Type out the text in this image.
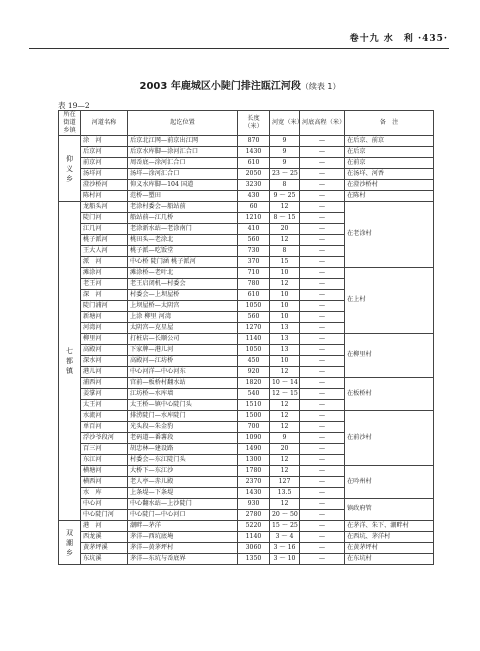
卷十九 水　利 ·435·
2003 年鹿城区小陡门排注瓯江河段（续表 1）
表 19—2
所在街道乡镇	河道名称	起讫位置	长度（米）	河宽（米）	河底高程（米）	备　注

仰义乡	涂　河	后京北江网—前京出江网	870	9	—	在后京、前京
	后京河	后京水库脚—涂河汇合口	1430	9	—	在后京
	前京河	周岙底—涂河汇合口	610	9	—	在前京
	汤垟河	汤垟—涂河汇合口	2050	23 ～ 25	—	在汤垟、河香
	澄沙桥河	仰义水库脚—104 国道	3230	8	—	在澄沙桥村
	陈村河	范桥—塑田	430	9 ～ 25	—	在陈村
七都镇	龙船头河	老涂村委会—船站前	60	12	—	在老涂村
	陡门河	船站前—江几桥	1210	8 ～ 15	—	
	江几河	老涂新水站—老涂南门	410	20	—	
	桃子派河	桃田头—老涂北	560	12	—	
	王大人河	桃子派—吃饭堂	730	8	—	
	派　河	中心桥 陡门涵 桃子派河	370	15	—	
	滩涂河	滩涂桥—老叶北	710	10	—	在上村
	老王河	老王启闭机—村委会	780	12	—	
	深　河	村委会—上坝屋桥	610	10	—	
	陡门浦河	上坝屋桥—太阴宫	1050	10	—	
	新塘河	上涂 柳里 河湾	560	10	—	
	河湾河	太阴宫—克星屋	1270	13	—	
	柳里河	打桩店—长顺公司	1140	13	—	在柳里村
	高殿河	下家牌—港儿河	1050	13	—	
	深水河	高殿河—江坊桥	450	10	—	
	港儿河	中心河洋—中心河东	920	12	—	
	浦西河	宫前—板桥村翻水站	1820	10 ～ 14	—	在板桥村
	姜掌河	江坊桥—水库墙	540	12 ～ 15	—	
	太王河	太王桥—镇中心陡门头	1510	12	—	
	水流河	排涝陡门—水库陡门	1500	12	—	在前沙村
	单百河	光头段—朱金豹	700	12	—	
	浮沙爷段河	老码道—番薯段	1090	9	—	
	百三河	胡忠林—建设路	1490	20	—	
	东江河	村委会—东江陡门头	1300	12	—	
	横塘河	大桥下—东江沙	1780	12	—	在吟州村
	横西河	老人亭—赤儿殿	2370	127	—	
	水　库	上条堤—下条堤	1430	13.5	—	
	中心河	中心翻水站—上沙陡门	930	12	—	镇政府管
	中心陡门河	中心陡门—中心河口	2780	20 ～ 50	—	
双潮乡	港　河	潮畔—茅洋	5220	15 ～ 25	—	在茅洋、朱下、潮畔村
	西龙溪	茅洋—西坑底埯	1140	3 ～ 4	—	在西坑、茅洋村
	黄茅坪溪	茅洋—黄茅坪村	3060	3 ～ 16	—	在黄茅坪村
	东坑溪	茅洋—东坑与岙底界	1350	3 ～ 10	—	在东坑村
